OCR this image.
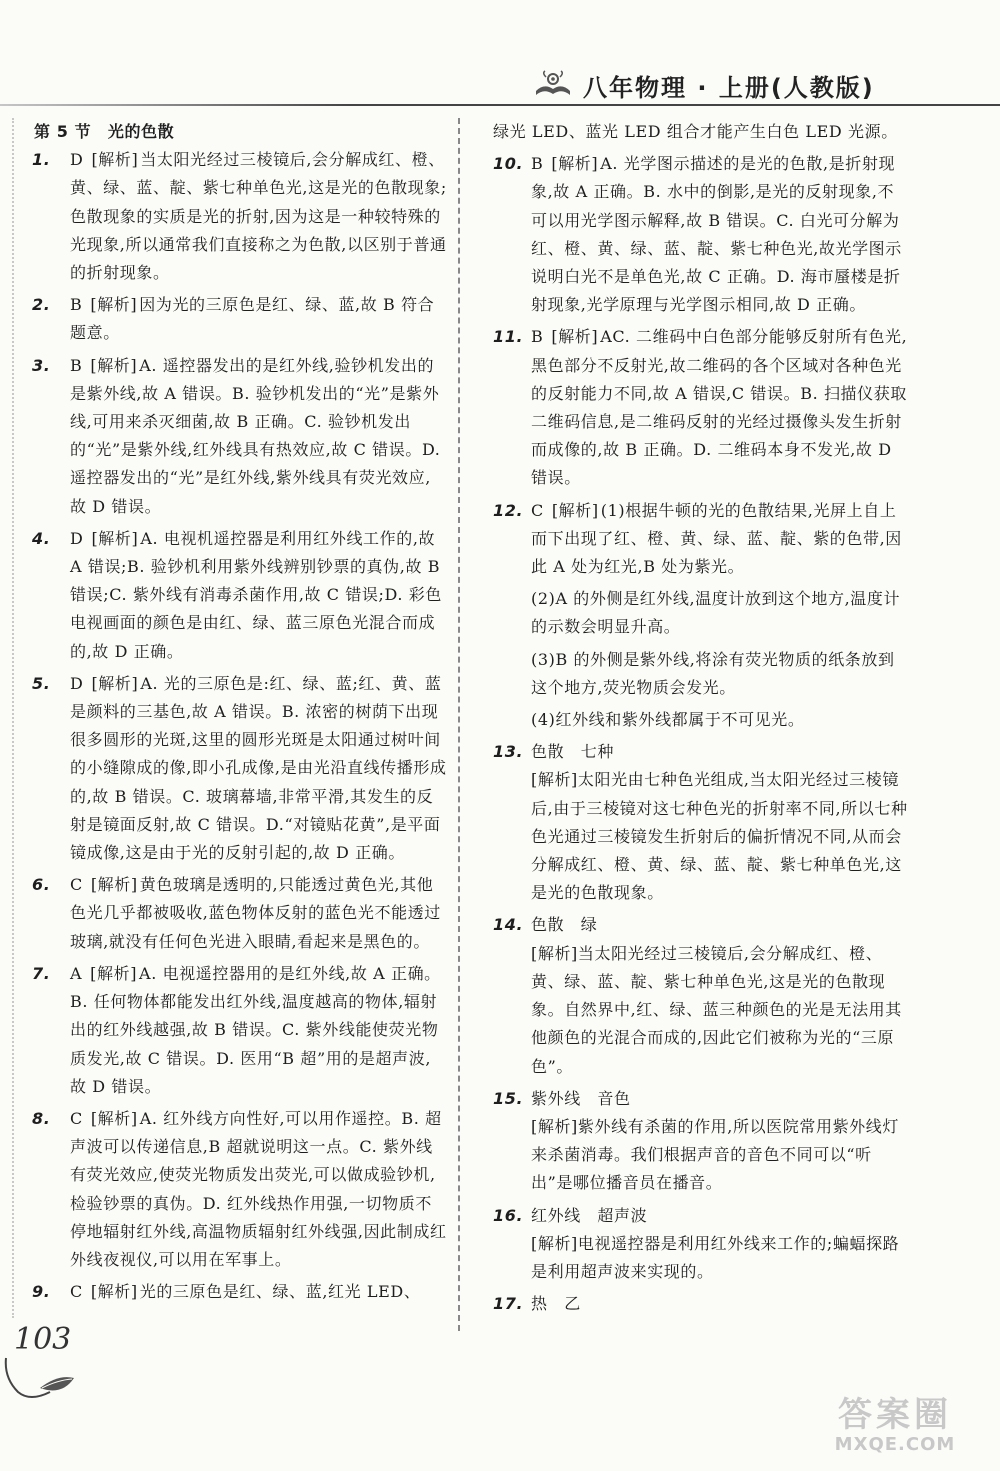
八年物理 · 上册(人教版)
第 5 节　光的色散
1. D [解析] 当太阳光经过三棱镜后,会分解成红、橙、黄、绿、蓝、靛、紫七种单色光,这是光的色散现象;色散现象的实质是光的折射,因为这是一种较特殊的光现象,所以通常我们直接称之为色散,以区别于普通的折射现象。
2. B [解析] 因为光的三原色是红、绿、蓝,故 B 符合题意。
3. B [解析] A. 遥控器发出的是红外线,验钞机发出的是紫外线,故 A 错误。B. 验钞机发出的“光”是紫外线,可用来杀灭细菌,故 B 正确。C. 验钞机发出的“光”是紫外线,红外线具有热效应,故 C 错误。D. 遥控器发出的“光”是红外线,紫外线具有荧光效应,故 D 错误。
4. D [解析] A. 电视机遥控器是利用红外线工作的,故 A 错误;B. 验钞机利用紫外线辨别钞票的真伪,故 B 错误;C. 紫外线有消毒杀菌作用,故 C 错误;D. 彩色电视画面的颜色是由红、绿、蓝三原色光混合而成的,故 D 正确。
5. D [解析] A. 光的三原色是:红、绿、蓝;红、黄、蓝是颜料的三基色,故 A 错误。B. 浓密的树荫下出现很多圆形的光斑,这里的圆形光斑是太阳通过树叶间的小缝隙成的像,即小孔成像,是由光沿直线传播形成的,故 B 错误。C. 玻璃幕墙,非常平滑,其发生的反射是镜面反射,故 C 错误。D.“对镜贴花黄”,是平面镜成像,这是由于光的反射引起的,故 D 正确。
6. C [解析] 黄色玻璃是透明的,只能透过黄色光,其他色光几乎都被吸收,蓝色物体反射的蓝色光不能透过玻璃,就没有任何色光进入眼睛,看起来是黑色的。
7. A [解析] A. 电视遥控器用的是红外线,故 A 正确。B. 任何物体都能发出红外线,温度越高的物体,辐射出的红外线越强,故 B 错误。C. 紫外线能使荧光物质发光,故 C 错误。D. 医用“B 超”用的是超声波,故 D 错误。
8. C [解析] A. 红外线方向性好,可以用作遥控。B. 超声波可以传递信息,B 超就说明这一点。C. 紫外线有荧光效应,使荧光物质发出荧光,可以做成验钞机,检验钞票的真伪。D. 红外线热作用强,一切物质不停地辐射红外线,高温物质辐射红外线强,因此制成红外线夜视仪,可以用在军事上。
9. C [解析] 光的三原色是红、绿、蓝,红光 LED、
绿光 LED、蓝光 LED 组合才能产生白色 LED 光源。
10. B [解析] A. 光学图示描述的是光的色散,是折射现象,故 A 正确。B. 水中的倒影,是光的反射现象,不可以用光学图示解释,故 B 错误。C. 白光可分解为红、橙、黄、绿、蓝、靛、紫七种色光,故光学图示说明白光不是单色光,故 C 正确。D. 海市蜃楼是折射现象,光学原理与光学图示相同,故 D 正确。
11. B [解析] AC. 二维码中白色部分能够反射所有色光,黑色部分不反射光,故二维码的各个区域对各种色光的反射能力不同,故 A 错误,C 错误。B. 扫描仪获取二维码信息,是二维码反射的光经过摄像头发生折射而成像的,故 B 正确。D. 二维码本身不发光,故 D 错误。
12. C [解析] (1)根据牛顿的光的色散结果,光屏上自上而下出现了红、橙、黄、绿、蓝、靛、紫的色带,因此 A 处为红光,B 处为紫光。
(2)A 的外侧是红外线,温度计放到这个地方,温度计的示数会明显升高。
(3)B 的外侧是紫外线,将涂有荧光物质的纸条放到这个地方,荧光物质会发光。
(4)红外线和紫外线都属于不可见光。
13. 色散　七种
[解析]太阳光由七种色光组成,当太阳光经过三棱镜后,由于三棱镜对这七种色光的折射率不同,所以七种色光通过三棱镜发生折射后的偏折情况不同,从而会分解成红、橙、黄、绿、蓝、靛、紫七种单色光,这是光的色散现象。
14. 色散　绿
[解析]当太阳光经过三棱镜后,会分解成红、橙、黄、绿、蓝、靛、紫七种单色光,这是光的色散现象。自然界中,红、绿、蓝三种颜色的光是无法用其他颜色的光混合而成的,因此它们被称为光的“三原色”。
15. 紫外线　音色
[解析]紫外线有杀菌的作用,所以医院常用紫外线灯来杀菌消毒。我们根据声音的音色不同可以“听出”是哪位播音员在播音。
16. 红外线　超声波
[解析]电视遥控器是利用红外线来工作的;蝙蝠探路是利用超声波来实现的。
17. 热　乙
103
答案圈
MXQE.COM
